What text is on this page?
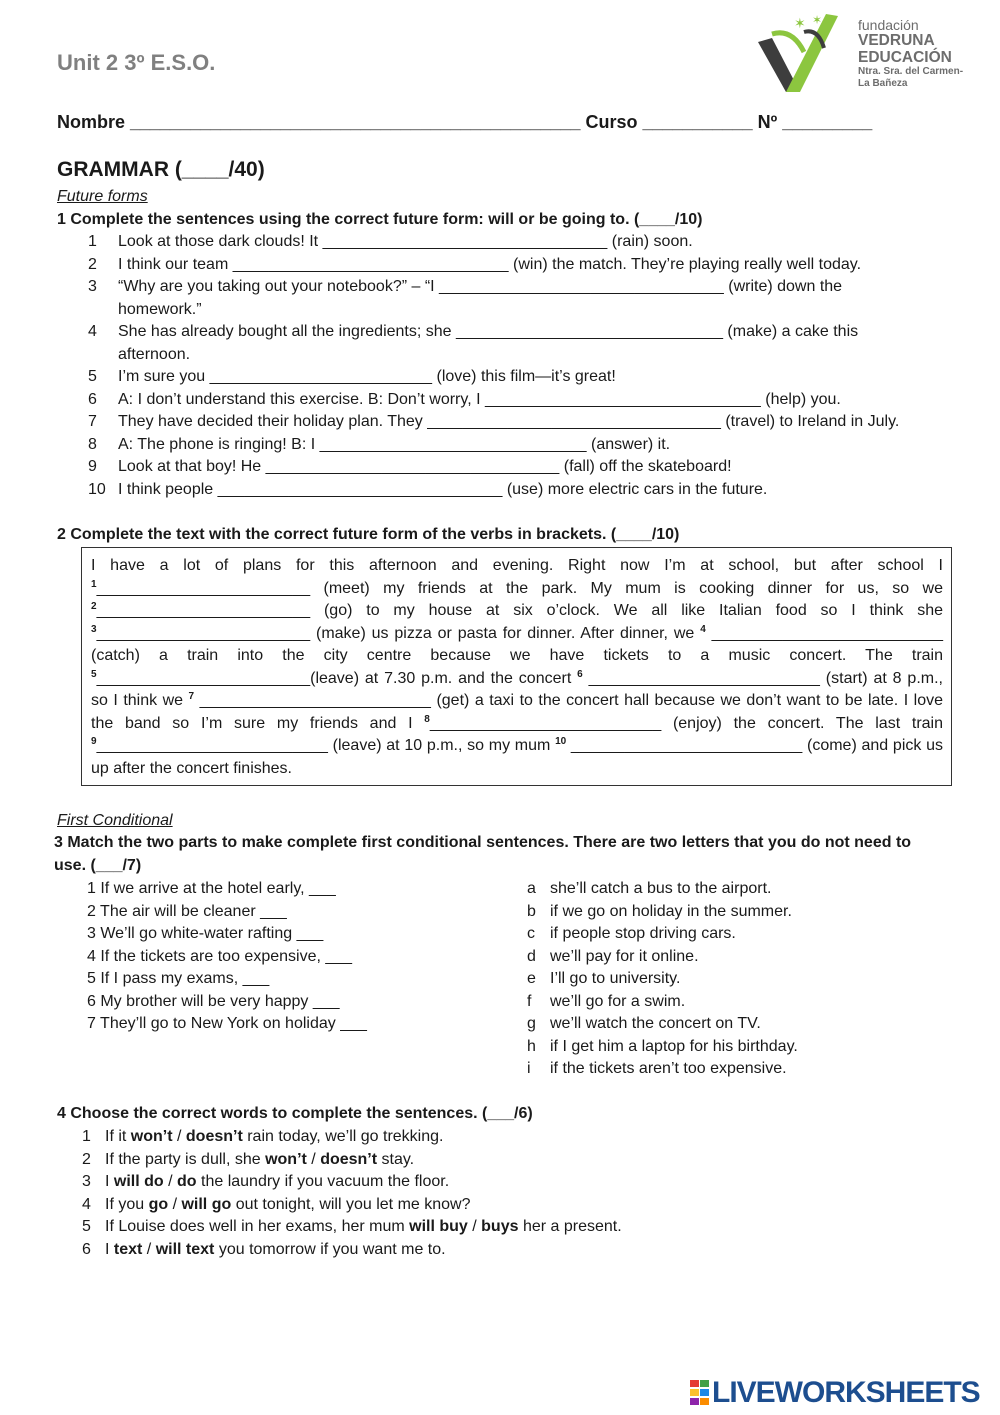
Unit 2 3º E.S.O.
✶ ✶	fundación
VEDRUNA
EDUCACIÓN
Ntra. Sra. del Carmen-
La Bañeza
Nombre _____________________________________________ Curso ___________ Nº _________
GRAMMAR (____/40)
Future forms
1 Complete the sentences using the correct future form: will or be going to. (____/10)
1 Look at those dark clouds! It ________________________________ (rain) soon.
2 I think our team _______________________________ (win) the match. They’re playing really well today.
3 “Why are you taking out your notebook?” – “I ________________________________ (write) down the
homework.”
4 She has already bought all the ingredients; she ______________________________ (make) a cake this
afternoon.
5 I’m sure you _________________________ (love) this film—it’s great!
6 A: I don’t understand this exercise. B: Don’t worry, I _______________________________ (help) you.
7 They have decided their holiday plan. They _________________________________ (travel) to Ireland in July.
8 A: The phone is ringing! B: I ______________________________ (answer) it.
9 Look at that boy! He _________________________________ (fall) off the skateboard!
10 I think people ________________________________ (use) more electric cars in the future.
2 Complete the text with the correct future form of the verbs in brackets. (____/10)
I have a lot of plans for this afternoon and evening. Right now I’m at school, but after school I $^1$________________________ (meet) my friends at the park. My mum is cooking dinner for us, so we $^2$________________________ (go) to my house at six o’clock. We all like Italian food so I think she $^3$________________________ (make) us pizza or pasta for dinner. After dinner, we $^4$ __________________________ (catch) a train into the city centre because we have tickets to a music concert. The train $^5$________________________(leave) at 7.30 p.m. and the concert $^6$ __________________________ (start) at 8 p.m., so I think we $^7$ __________________________ (get) a taxi to the concert hall because we don’t want to be late. I love the band so I’m sure my friends and I $^8$__________________________ (enjoy) the concert. The last train $^9$__________________________ (leave) at 10 p.m., so my mum $^{10}$ __________________________ (come) and pick us up after the concert finishes.
First Conditional
3 Match the two parts to make complete first conditional sentences. There are two letters that you do not need to
use. (___/7)
1 If we arrive at the hotel early, ___
2 The air will be cleaner ___
3 We’ll go white-water rafting ___
4 If the tickets are too expensive, ___
5 If I pass my exams, ___
6 My brother will be very happy ___
7 They’ll go to New York on holiday ___
a she’ll catch a bus to the airport.
b if we go on holiday in the summer.
c if people stop driving cars.
d we’ll pay for it online.
e I’ll go to university.
f we’ll go for a swim.
g we’ll watch the concert on TV.
h if I get him a laptop for his birthday.
i if the tickets aren’t too expensive.
4 Choose the correct words to complete the sentences. (___/6)
1 If it won’t / doesn’t rain today, we’ll go trekking.
2 If the party is dull, she won’t / doesn’t stay.
3 I will do / do the laundry if you vacuum the floor.
4 If you go / will go out tonight, will you let me know?
5 If Louise does well in her exams, her mum will buy / buys her a present.
6 I text / will text you tomorrow if you want me to.
LIVEWORKSHEETS
